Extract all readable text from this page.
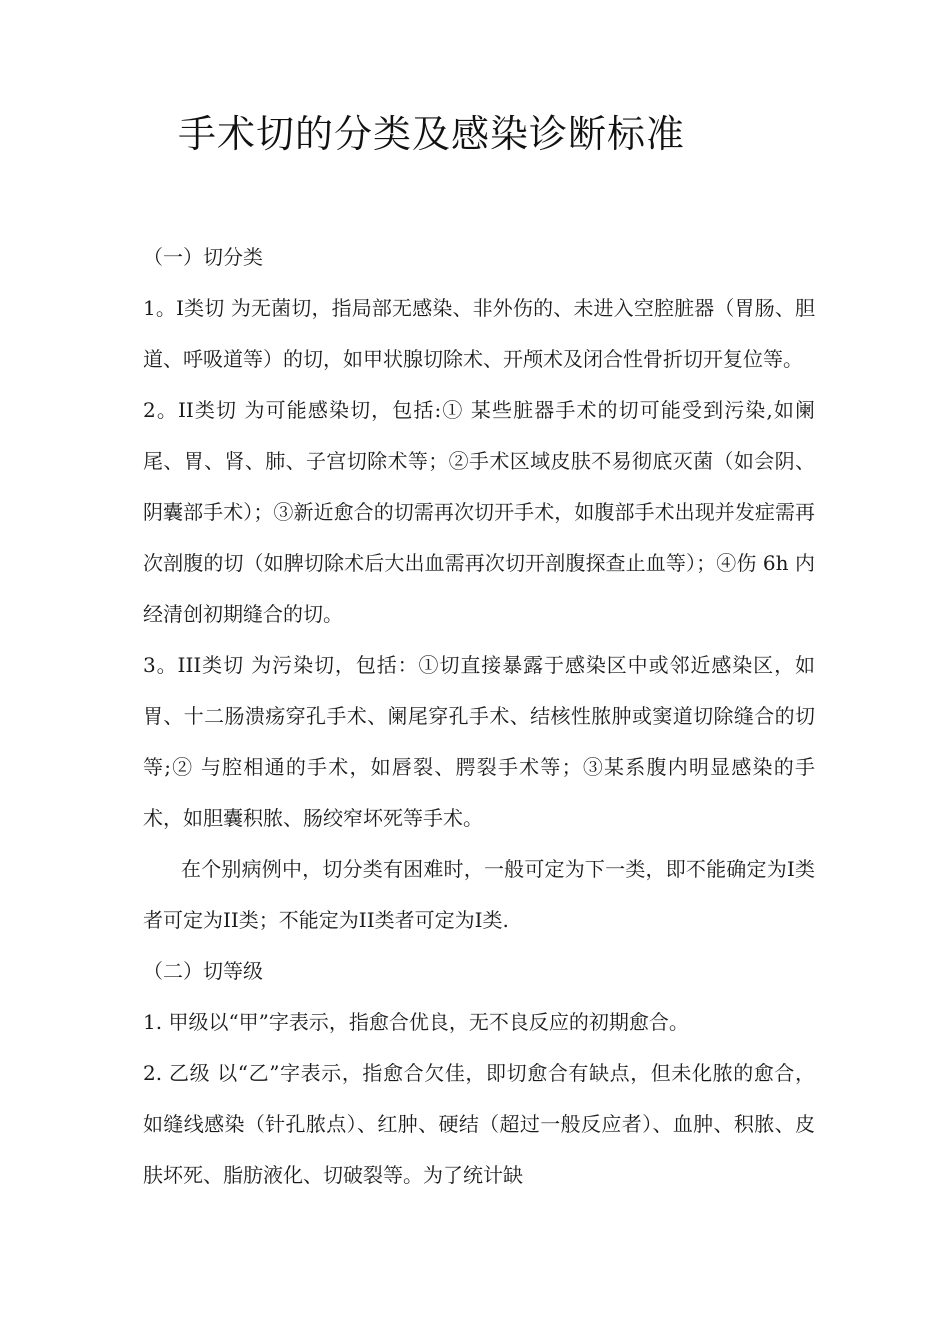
手术切的分类及感染诊断标准

（一）切分类

1。I类切 为无菌切，指局部无感染、非外伤的、未进入空腔脏器（胃肠、胆道、呼吸道等）的切，如甲状腺切除术、开颅术及闭合性骨折切开复位等。

2。II类切 为可能感染切，包括:① 某些脏器手术的切可能受到污染,如阑尾、胃、肾、肺、子宫切除术等；②手术区域皮肤不易彻底灭菌（如会阴、阴囊部手术）；③新近愈合的切需再次切开手术，如腹部手术出现并发症需再次剖腹的切（如脾切除术后大出血需再次切开剖腹探查止血等）；④伤 6h 内经清创初期缝合的切。

3。III类切 为污染切，包括：①切直接暴露于感染区中或邻近感染区，如胃、十二肠溃疡穿孔手术、阑尾穿孔手术、结核性脓肿或窦道切除缝合的切等;② 与腔相通的手术，如唇裂、腭裂手术等；③某系腹内明显感染的手术，如胆囊积脓、肠绞窄坏死等手术。

在个别病例中，切分类有困难时，一般可定为下一类，即不能确定为I类者可定为II类；不能定为II类者可定为I类.

（二）切等级

1. 甲级以“甲”字表示，指愈合优良，无不良反应的初期愈合。

2. 乙级 以“乙”字表示，指愈合欠佳，即切愈合有缺点，但未化脓的愈合，如缝线感染（针孔脓点）、红肿、硬结（超过一般反应者）、血肿、积脓、皮肤坏死、脂肪液化、切破裂等。为了统计缺
